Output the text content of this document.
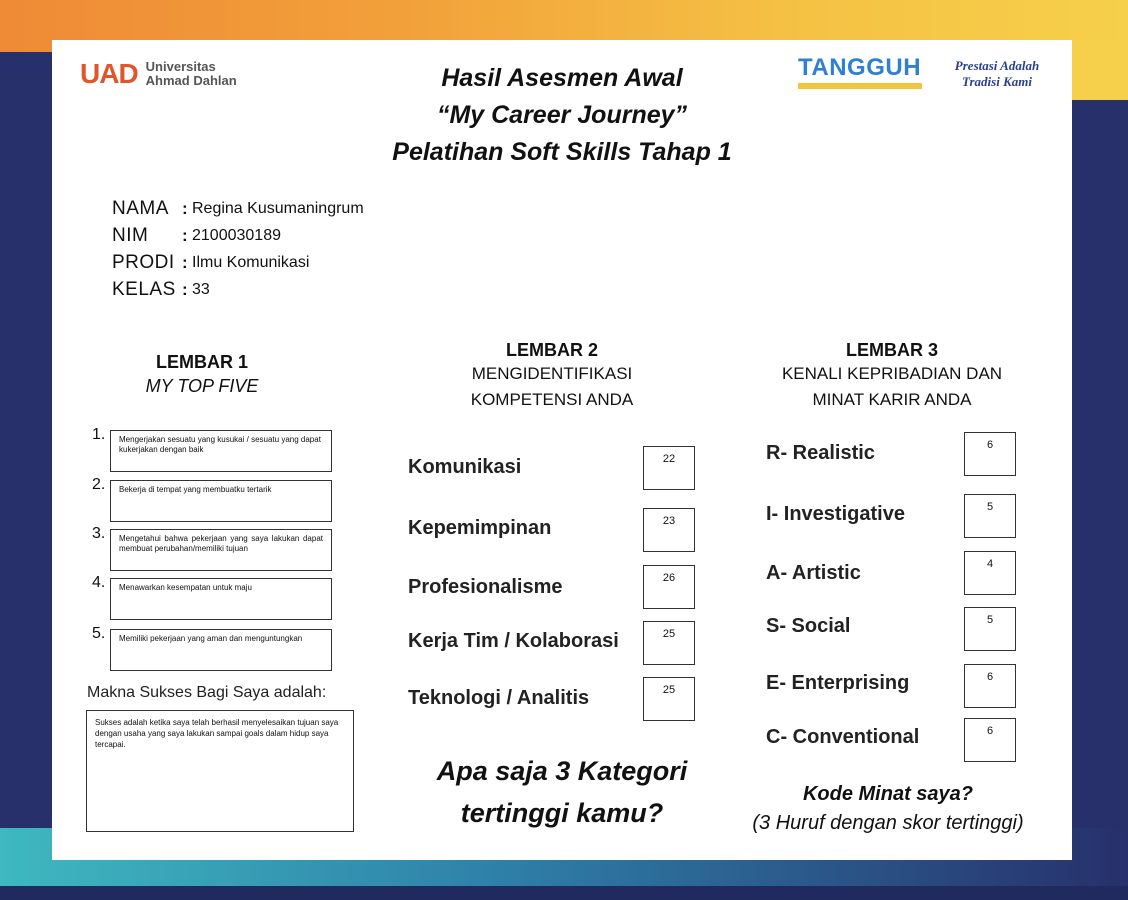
UAD Universitas
Ahmad Dahlan	TANGGUH	Prestasi Adalah
Tradisi Kami
Hasil Asesmen Awal
“My Career Journey”
Pelatihan Soft Skills Tahap 1
NAMA : Regina Kusumaningrum
NIM	: 2100030189
PRODI : Ilmu Komunikasi
KELAS : 33
LEMBAR 1
MY TOP FIVE
1.	Mengerjakan sesuatu yang kusukai / sesuatu yang dapat kukerjakan dengan baik
2.	Bekerja di tempat yang membuatku tertarik
3.	Mengetahui bahwa pekerjaan yang saya lakukan dapat membuat perubahan/memiliki tujuan
4.	Menawarkan kesempatan untuk maju
5.	Memiliki pekerjaan yang aman dan menguntungkan
Makna Sukses Bagi Saya adalah:
Sukses adalah ketika saya telah berhasil menyelesaikan tujuan saya dengan usaha yang saya lakukan sampai goals dalam hidup saya tercapai.
LEMBAR 2
MENGIDENTIFIKASI
KOMPETENSI ANDA
Komunikasi	22
Kepemimpinan	23
Profesionalisme	26
Kerja Tim / Kolaborasi	25
Teknologi / Analitis	25
Apa saja 3 Kategori
tertinggi kamu?
LEMBAR 3
KENALI KEPRIBADIAN DAN
MINAT KARIR ANDA
R- Realistic	6
I- Investigative	5
A- Artistic	4
S- Social	5
E- Enterprising	6
C- Conventional	6
Kode Minat saya?
(3 Huruf dengan skor tertinggi)
